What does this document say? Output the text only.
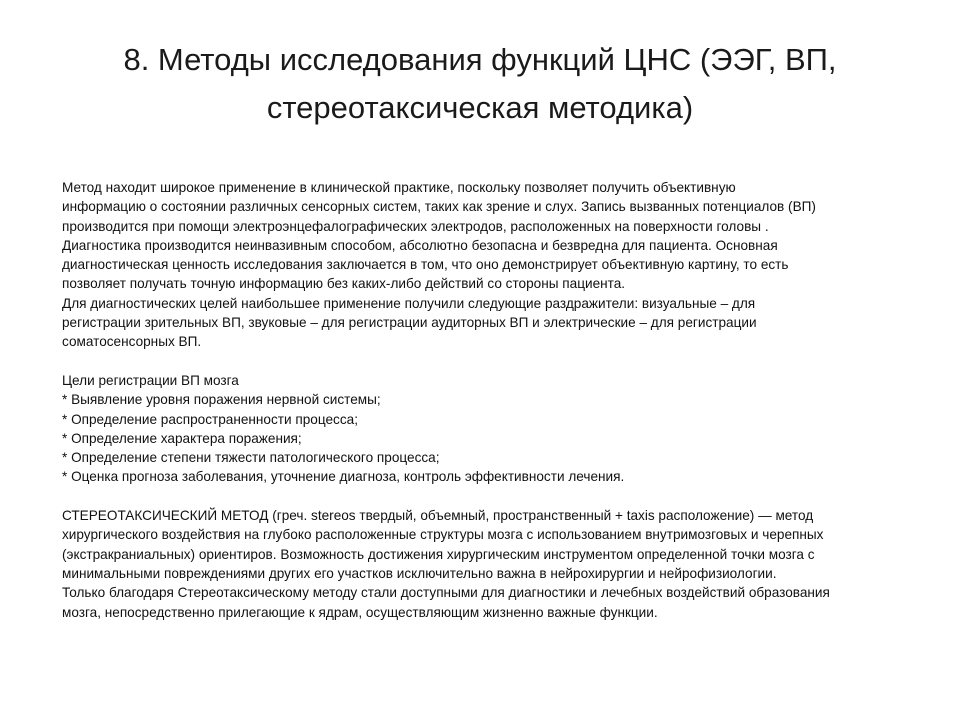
8. Методы исследования функций ЦНС (ЭЭГ, ВП,
стереотаксическая методика)

Метод находит широкое применение в клинической практике, поскольку позволяет получить объективную

информацию о состоянии различных сенсорных систем, таких как зрение и слух. Запись вызванных потенциалов (ВП)

производится при помощи электроэнцефалографических электродов, расположенных на поверхности головы .

Диагностика производится неинвазивным способом, абсолютно безопасна и безвредна для пациента. Основная

диагностическая ценность исследования заключается в том, что оно демонстрирует объективную картину, то есть

позволяет получать точную информацию без каких-либо действий со стороны пациента.

Для диагностических целей наибольшее применение получили следующие раздражители: визуальные – для

регистрации зрительных ВП, звуковые – для регистрации аудиторных ВП и электрические – для регистрации

соматосенсорных ВП.

Цели регистрации ВП мозга

* Выявление уровня поражения нервной системы;

* Определение распространенности процесса;

* Определение характера поражения;

* Определение степени тяжести патологического процесса;

* Оценка прогноза заболевания, уточнение диагноза, контроль эффективности лечения.

СТЕРЕОТАКСИЧЕСКИЙ МЕТОД (греч. stereos твердый, объемный, пространственный + taxis расположение) — метод

хирургического воздействия на глубоко расположенные структуры мозга с использованием внутримозговых и черепных

(экстракраниальных) ориентиров. Возможность достижения хирургическим инструментом определенной точки мозга с

минимальными повреждениями других его участков исключительно важна в нейрохирургии и нейрофизиологии.

Только благодаря Стереотаксическому методу стали доступными для диагностики и лечебных воздействий образования

мозга, непосредственно прилегающие к ядрам, осуществляющим жизненно важные функции.
